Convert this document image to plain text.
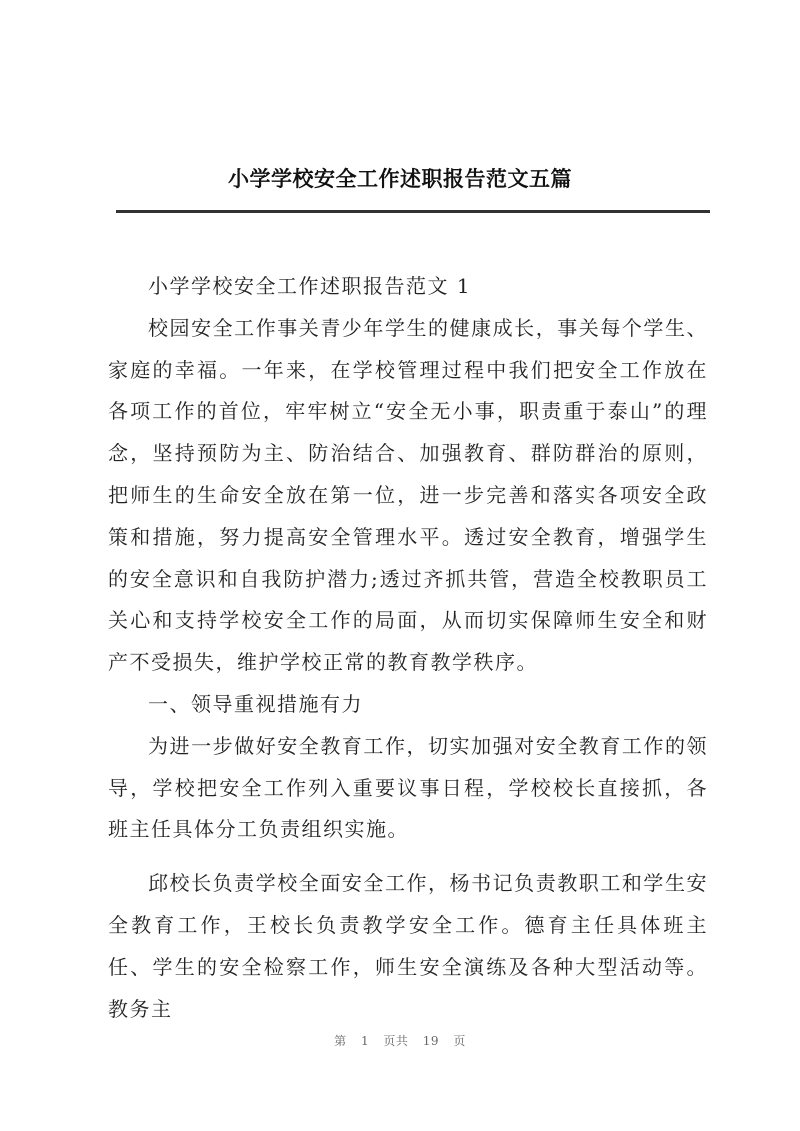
小学学校安全工作述职报告范文五篇

小学学校安全工作述职报告范文 1

校园安全工作事关青少年学生的健康成长，事关每个学生、家庭的幸福。一年来，在学校管理过程中我们把安全工作放在各项工作的首位，牢牢树立“安全无小事，职责重于泰山”的理念，坚持预防为主、防治结合、加强教育、群防群治的原则，把师生的生命安全放在第一位，进一步完善和落实各项安全政策和措施，努力提高安全管理水平。透过安全教育，增强学生的安全意识和自我防护潜力;透过齐抓共管，营造全校教职员工关心和支持学校安全工作的局面，从而切实保障师生安全和财产不受损失，维护学校正常的教育教学秩序。

一、领导重视措施有力

为进一步做好安全教育工作，切实加强对安全教育工作的领导，学校把安全工作列入重要议事日程，学校校长直接抓，各班主任具体分工负责组织实施。

邱校长负责学校全面安全工作，杨书记负责教职工和学生安全教育工作，王校长负责教学安全工作。德育主任具体班主任、学生的安全检察工作，师生安全演练及各种大型活动等。教务主

第 1 页共 19 页
